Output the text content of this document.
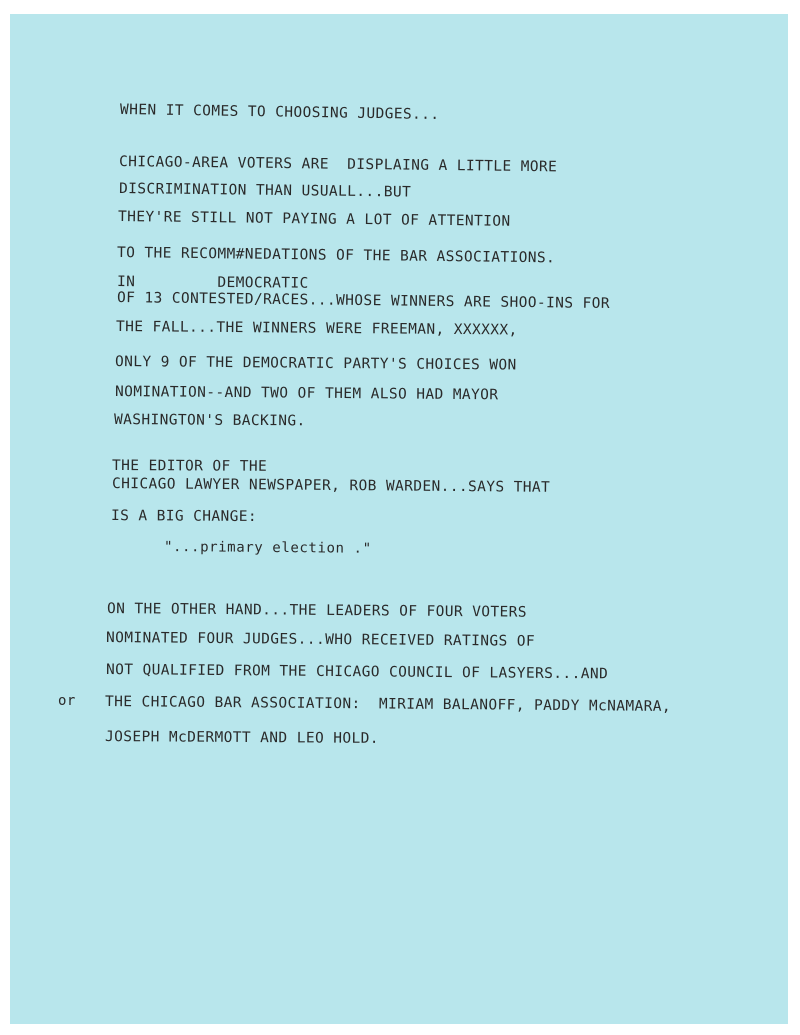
WHEN IT COMES TO CHOOSING JUDGES...
CHICAGO-AREA VOTERS ARE  DISPLAING A LITTLE MORE
DISCRIMINATION THAN USUALL...BUT
THEY'RE STILL NOT PAYING A LOT OF ATTENTION
TO THE RECOMM#NEDATIONS OF THE BAR ASSOCIATIONS.
IN         DEMOCRATIC
OF 13 CONTESTED/RACES...WHOSE WINNERS ARE SHOO-INS FOR
THE FALL...THE WINNERS WERE FREEMAN, XXXXXX,
ONLY 9 OF THE DEMOCRATIC PARTY'S CHOICES WON
NOMINATION--AND TWO OF THEM ALSO HAD MAYOR
WASHINGTON'S BACKING.
THE EDITOR OF THE
CHICAGO LAWYER NEWSPAPER, ROB WARDEN...SAYS THAT
IS A BIG CHANGE:
"...primary election ."
ON THE OTHER HAND...THE LEADERS OF FOUR VOTERS
NOMINATED FOUR JUDGES...WHO RECEIVED RATINGS OF
NOT QUALIFIED FROM THE CHICAGO COUNCIL OF LASYERS...AND
or THE CHICAGO BAR ASSOCIATION:  MIRIAM BALANOFF, PADDY McNAMARA,
JOSEPH McDERMOTT AND LEO HOLD.
